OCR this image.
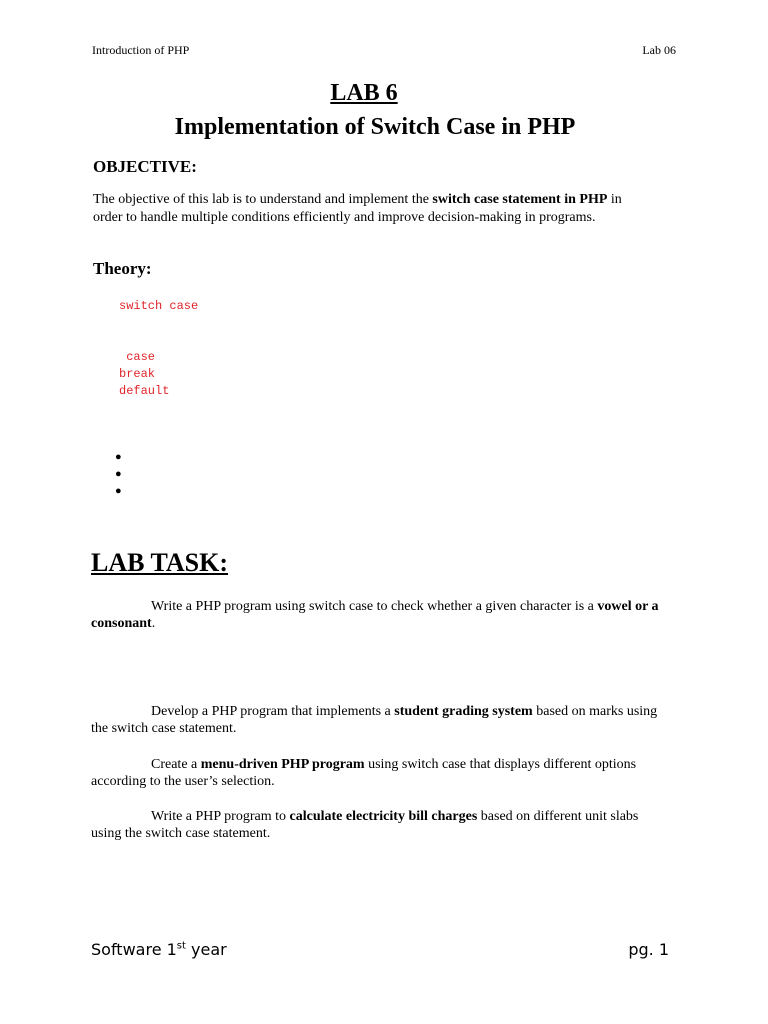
Introduction of PHP	Lab 06
LAB 6
Implementation of Switch Case in PHP
OBJECTIVE:
The objective of this lab is to understand and implement the switch case statement in PHP in order to handle multiple conditions efficiently and improve decision-making in programs.
Theory:
switch case
case
break
default
●
●
●
LAB TASK:
Write a PHP program using switch case to check whether a given character is a vowel or a consonant.
Develop a PHP program that implements a student grading system based on marks using the switch case statement.
Create a menu-driven PHP program using switch case that displays different options according to the user’s selection.
Write a PHP program to calculate electricity bill charges based on different unit slabs using the switch case statement.
Software 1st year	pg. 1
